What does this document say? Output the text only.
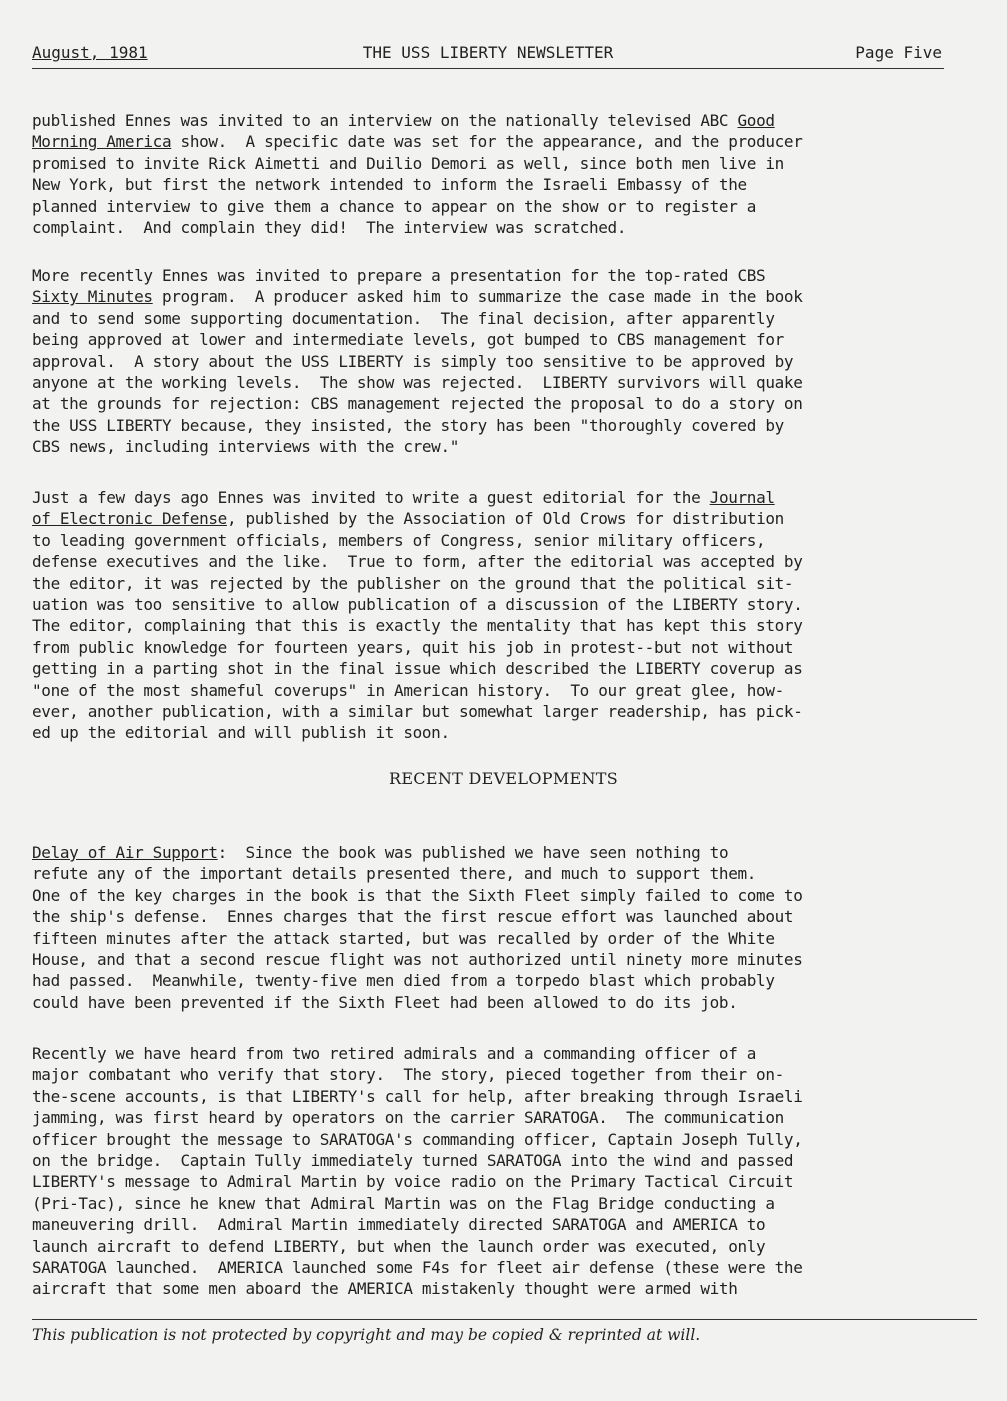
August, 1981	THE USS LIBERTY NEWSLETTER	Page Five
published Ennes was invited to an interview on the nationally televised ABC Good
Morning America show.  A specific date was set for the appearance, and the producer
promised to invite Rick Aimetti and Duilio Demori as well, since both men live in
New York, but first the network intended to inform the Israeli Embassy of the
planned interview to give them a chance to appear on the show or to register a
complaint.  And complain they did!  The interview was scratched.
More recently Ennes was invited to prepare a presentation for the top-rated CBS
Sixty Minutes program.  A producer asked him to summarize the case made in the book
and to send some supporting documentation.  The final decision, after apparently
being approved at lower and intermediate levels, got bumped to CBS management for
approval.  A story about the USS LIBERTY is simply too sensitive to be approved by
anyone at the working levels.  The show was rejected.  LIBERTY survivors will quake
at the grounds for rejection: CBS management rejected the proposal to do a story on
the USS LIBERTY because, they insisted, the story has been "thoroughly covered by
CBS news, including interviews with the crew."
Just a few days ago Ennes was invited to write a guest editorial for the Journal
of Electronic Defense, published by the Association of Old Crows for distribution
to leading government officials, members of Congress, senior military officers,
defense executives and the like.  True to form, after the editorial was accepted by
the editor, it was rejected by the publisher on the ground that the political sit-
uation was too sensitive to allow publication of a discussion of the LIBERTY story.
The editor, complaining that this is exactly the mentality that has kept this story
from public knowledge for fourteen years, quit his job in protest--but not without
getting in a parting shot in the final issue which described the LIBERTY coverup as
"one of the most shameful coverups" in American history.  To our great glee, how-
ever, another publication, with a similar but somewhat larger readership, has pick-
ed up the editorial and will publish it soon.
RECENT DEVELOPMENTS
Delay of Air Support:  Since the book was published we have seen nothing to
refute any of the important details presented there, and much to support them.
One of the key charges in the book is that the Sixth Fleet simply failed to come to
the ship's defense.  Ennes charges that the first rescue effort was launched about
fifteen minutes after the attack started, but was recalled by order of the White
House, and that a second rescue flight was not authorized until ninety more minutes
had passed.  Meanwhile, twenty-five men died from a torpedo blast which probably
could have been prevented if the Sixth Fleet had been allowed to do its job.
Recently we have heard from two retired admirals and a commanding officer of a
major combatant who verify that story.  The story, pieced together from their on-
the-scene accounts, is that LIBERTY's call for help, after breaking through Israeli
jamming, was first heard by operators on the carrier SARATOGA.  The communication
officer brought the message to SARATOGA's commanding officer, Captain Joseph Tully,
on the bridge.  Captain Tully immediately turned SARATOGA into the wind and passed
LIBERTY's message to Admiral Martin by voice radio on the Primary Tactical Circuit
(Pri-Tac), since he knew that Admiral Martin was on the Flag Bridge conducting a
maneuvering drill.  Admiral Martin immediately directed SARATOGA and AMERICA to
launch aircraft to defend LIBERTY, but when the launch order was executed, only
SARATOGA launched.  AMERICA launched some F4s for fleet air defense (these were the
aircraft that some men aboard the AMERICA mistakenly thought were armed with
This publication is not protected by copyright and may be copied & reprinted at will.
